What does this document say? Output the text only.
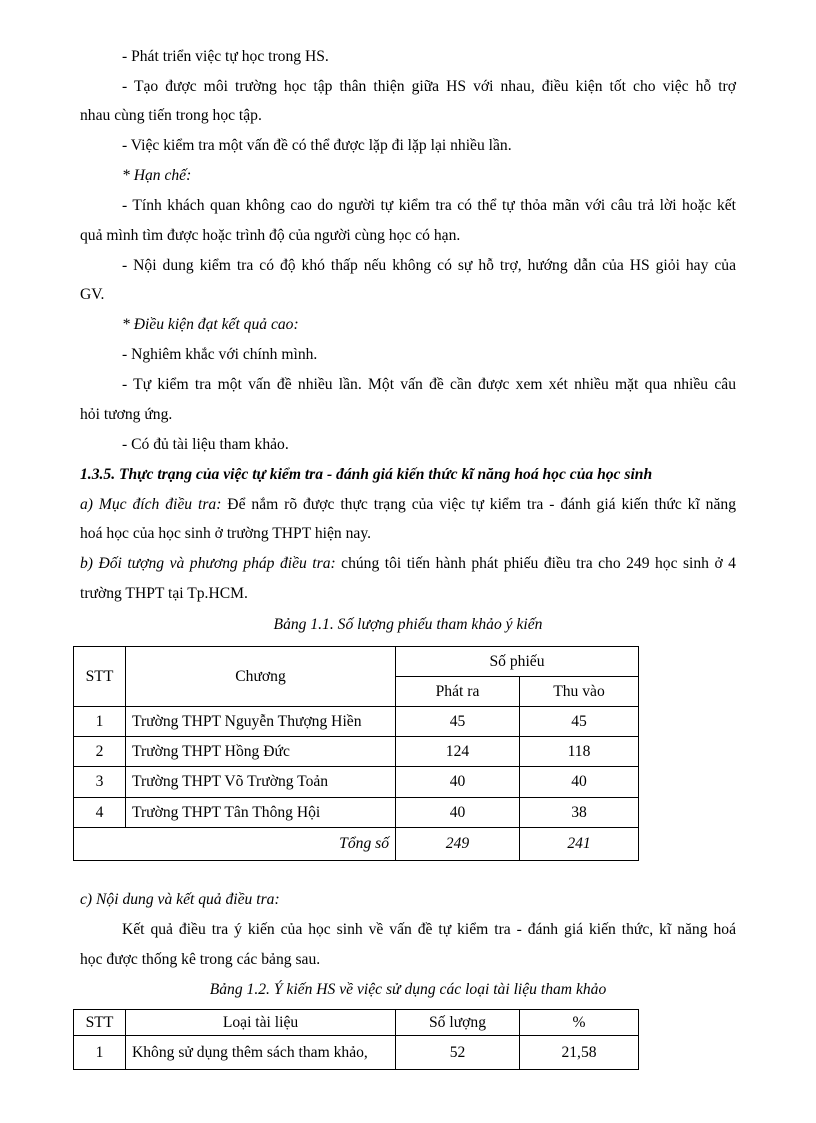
- Phát triển việc tự học trong HS.
- Tạo được môi trường học tập thân thiện giữa HS với nhau, điều kiện tốt cho việc hỗ trợ
nhau cùng tiến trong học tập.
- Việc kiểm tra một vấn đề có thể được lặp đi lặp lại nhiều lần.
* Hạn chế:
- Tính khách quan không cao do người tự kiểm tra có thể tự thỏa mãn với câu trả lời hoặc kết
quả mình tìm được hoặc trình độ của người cùng học có hạn.
- Nội dung kiểm tra có độ khó thấp nếu không có sự hỗ trợ, hướng dẫn của HS giỏi hay của
GV.
* Điều kiện đạt kết quả cao:
- Nghiêm khắc với chính mình.
- Tự kiểm tra một vấn đề nhiều lần. Một vấn đề cần được xem xét nhiều mặt qua nhiều câu
hỏi tương ứng.
- Có đủ tài liệu tham khảo.
1.3.5. Thực trạng của việc tự kiểm tra - đánh giá kiến thức kĩ năng hoá học của học sinh
a) Mục đích điều tra: Để nắm rõ được thực trạng của việc tự kiểm tra - đánh giá kiến thức kĩ năng
hoá học của học sinh ở trường THPT hiện nay.
b) Đối tượng và phương pháp điều tra: chúng tôi tiến hành phát phiếu điều tra cho 249 học sinh ở 4
trường THPT tại Tp.HCM.
Bảng 1.1. Số lượng phiếu tham khảo ý kiến
STT	Chương	Số phiếu	
		Phát ra	Thu vào
1	Trường THPT Nguyễn Thượng Hiền	45	45
2	Trường THPT Hồng Đức	124	118
3	Trường THPT Võ Trường Toản	40	40
4	Trường THPT Tân Thông Hội	40	38
Tổng số		249	241
c) Nội dung và kết quả điều tra:
Kết quả điều tra ý kiến của học sinh về vấn đề tự kiểm tra - đánh giá kiến thức, kĩ năng hoá
học được thống kê trong các bảng sau.
Bảng 1.2. Ý kiến HS về việc sử dụng các loại tài liệu tham khảo
STT	Loại tài liệu	Số lượng	%
1	Không sử dụng thêm sách tham khảo,	52	21,58
